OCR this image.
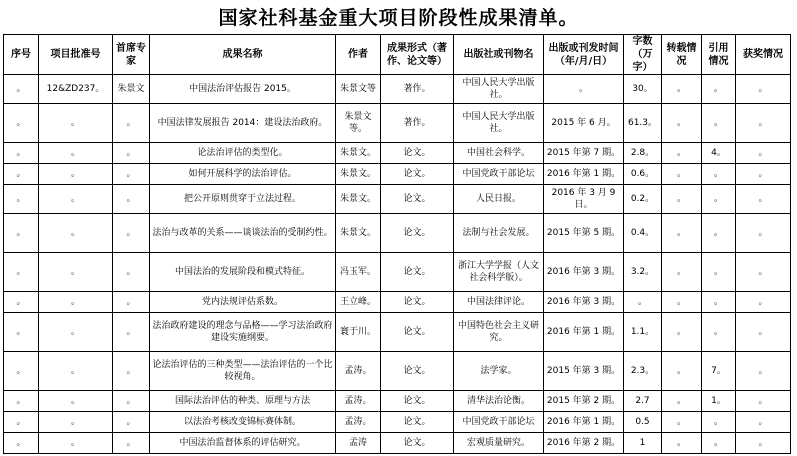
国家社科基金重大项目阶段性成果清单。
序号	项目批准号	首席专家	成果名称	作者	成果形式（著作、论文等）	出版社或刊物名	出版或刊发时间（年/月/日）	字数（万字）	转载情况	引用情况	获奖情况
。	12&ZD237。	朱景文	中国法治评估报告 2015。	朱景文等	著作。	中国人民大学出版社。	。	30。	。	。	。
。	。	。	中国法律发展报告 2014：建设法治政府。	朱景文等。	著作。	中国人民大学出版社。	2015 年 6 月。	61.3。	。	。	。
。	。	。	论法治评估的类型化。	朱景文。	论文。	中国社会科学。	2015 年第 7 期。	2.8。	。	4。	。
。	。	。	如何开展科学的法治评估。	朱景文。	论文。	中国党政干部论坛	2016 年第 1 期。	0.6。	。	。	。
。	。	。	把公开原则贯穿于立法过程。	朱景文。	论文。	人民日报。	2016 年 3 月 9 日。	0.2。	。	。	。
。	。	。	法治与改革的关系——谈谈法治的受制约性。	朱景文。	论文。	法制与社会发展。	2015 年第 5 期。	0.4。	。	。	。
。	。	。	中国法治的发展阶段和模式特征。	冯玉军。	论文。	浙江大学学报（人文社会科学版）。	2016 年第 3 期。	3.2。	。	。	。
。	。	。	党内法规评估系数。	王立峰。	论文。	中国法律评论。	2016 年第 3 期。	。	。	。	。
。	。	。	法治政府建设的理念与品格——学习法治政府建设实施纲要。	寰于川。	论文。	中国特色社会主义研究。	2016 年第 1 期。	1.1。	。	。	。
。	。	。	论法治评估的三种类型——法治评估的一个比较视角。	孟涛。	论文。	法学家。	2015 年第 3 期。	2.3。	。	7。	。
。	。	。	国际法治评估的种类、原理与方法	孟涛。	论文。	清华法治论衡。	2015 年第 2 期。	2.7	。	1。	。
。	。	。	以法治考核改变锦标赛体制。	孟涛。	论文。	中国党政干部论坛	2016 年第 1 期。	0.5	。	。	。
。	。	。	中国法治监督体系的评估研究。	孟涛	论文。	宏观质量研究。	2016 年第 2 期。	1	。	。	。
